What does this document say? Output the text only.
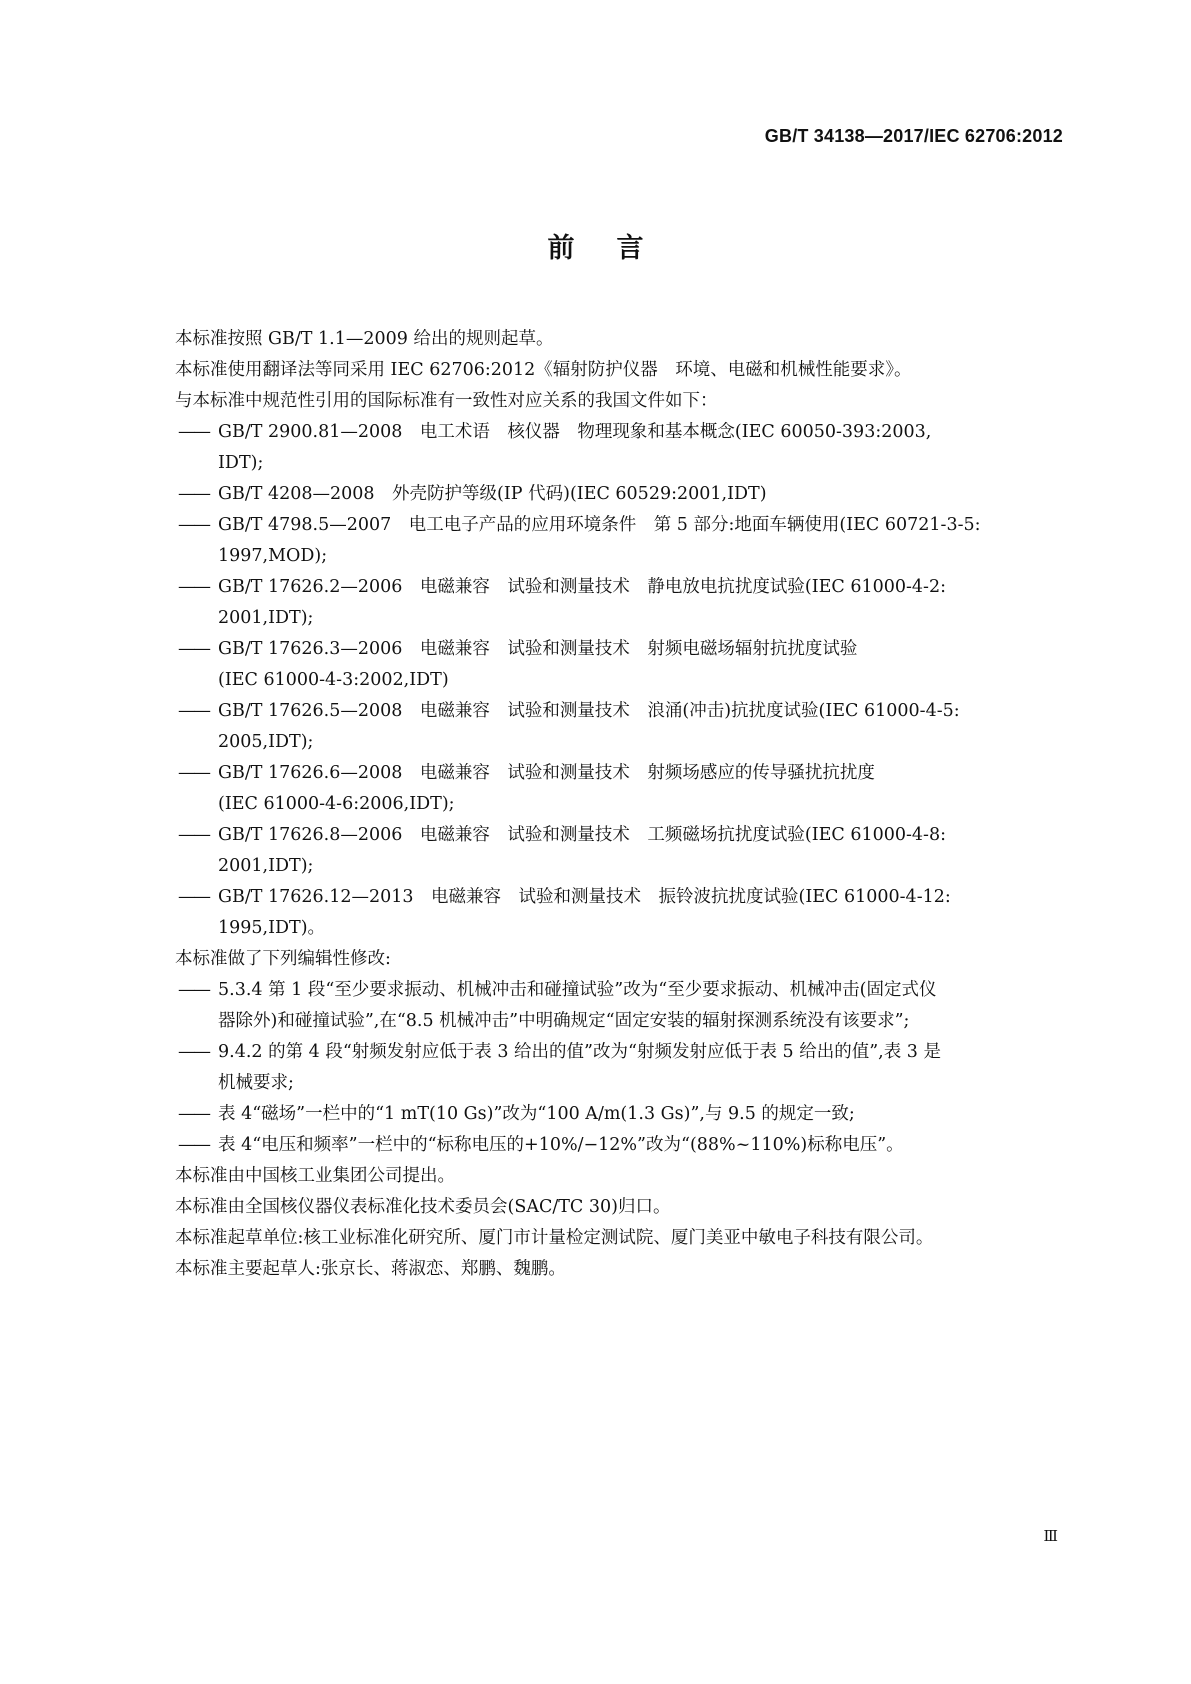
GB/T 34138—2017/IEC 62706:2012
前言

本标准按照 GB/T 1.1—2009 给出的规则起草。

本标准使用翻译法等同采用 IEC 62706:2012《辐射防护仪器　环境、电磁和机械性能要求》。

与本标准中规范性引用的国际标准有一致性对应关系的我国文件如下：

—— GB/T 2900.81—2008　电工术语　核仪器　物理现象和基本概念(IEC 60050-393:2003,
IDT);
—— GB/T 4208—2008　外壳防护等级(IP 代码)(IEC 60529:2001,IDT)
—— GB/T 4798.5—2007　电工电子产品的应用环境条件　第 5 部分:地面车辆使用(IEC 60721-3-5:
1997,MOD);
—— GB/T 17626.2—2006　电磁兼容　试验和测量技术　静电放电抗扰度试验(IEC 61000-4-2:
2001,IDT);
—— GB/T 17626.3—2006　电磁兼容　试验和测量技术　射频电磁场辐射抗扰度试验
(IEC 61000-4-3:2002,IDT)
—— GB/T 17626.5—2008　电磁兼容　试验和测量技术　浪涌(冲击)抗扰度试验(IEC 61000-4-5:
2005,IDT);
—— GB/T 17626.6—2008　电磁兼容　试验和测量技术　射频场感应的传导骚扰抗扰度
(IEC 61000-4-6:2006,IDT);
—— GB/T 17626.8—2006　电磁兼容　试验和测量技术　工频磁场抗扰度试验(IEC 61000-4-8:
2001,IDT);
—— GB/T 17626.12—2013　电磁兼容　试验和测量技术　振铃波抗扰度试验(IEC 61000-4-12:
1995,IDT)。

本标准做了下列编辑性修改:

—— 5.3.4 第 1 段“至少要求振动、机械冲击和碰撞试验”改为“至少要求振动、机械冲击(固定式仪
器除外)和碰撞试验”,在“8.5 机械冲击”中明确规定“固定安装的辐射探测系统没有该要求”;
—— 9.4.2 的第 4 段“射频发射应低于表 3 给出的值”改为“射频发射应低于表 5 给出的值”,表 3 是
机械要求;
—— 表 4“磁场”一栏中的“1 mT(10 Gs)”改为“100 A/m(1.3 Gs)”,与 9.5 的规定一致;
—— 表 4“电压和频率”一栏中的“标称电压的+10%/−12%”改为“(88%~110%)标称电压”。

本标准由中国核工业集团公司提出。

本标准由全国核仪器仪表标准化技术委员会(SAC/TC 30)归口。

本标准起草单位:核工业标准化研究所、厦门市计量检定测试院、厦门美亚中敏电子科技有限公司。

本标准主要起草人:张京长、蒋淑恋、郑鹏、魏鹏。

Ⅲ
